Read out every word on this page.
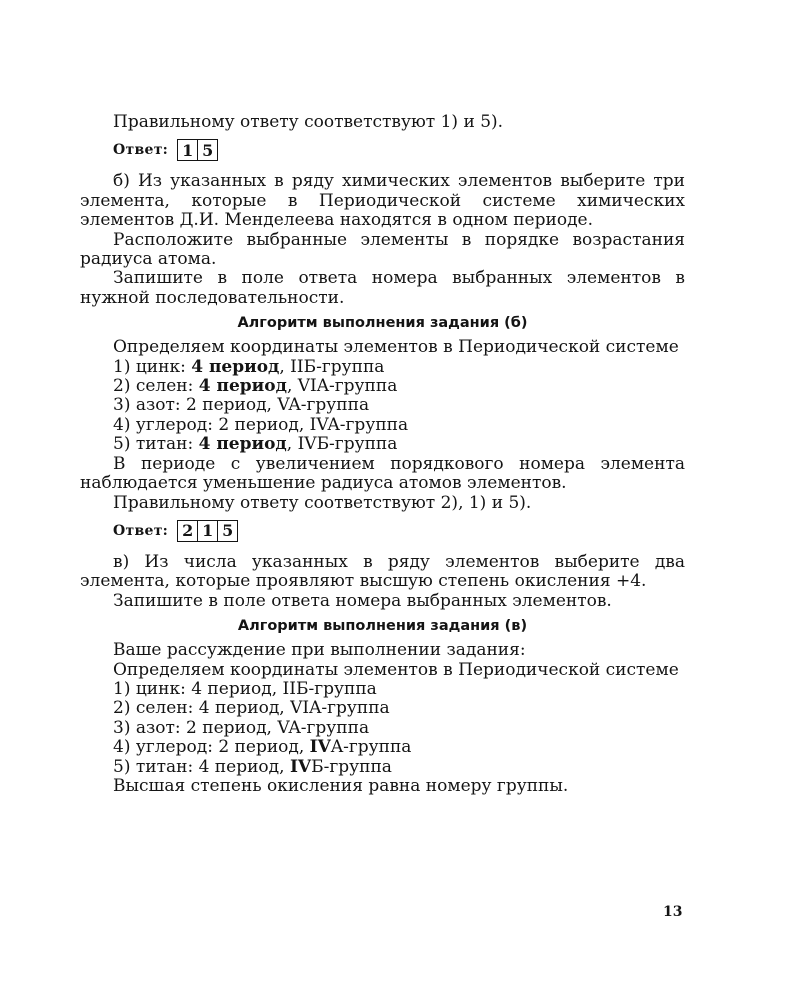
Правильному ответу соответствуют 1) и 5).

Ответ: 1 5

б) Из указанных в ряду химических элементов выберите три элемента, которые в Периодической системе химических элементов Д.И. Менделеева находятся в одном периоде.

Расположите выбранные элементы в порядке возрастания радиуса атома.

Запишите в поле ответа номера выбранных элементов в нужной последовательности.

Алгоритм выполнения задания (б)

Определяем координаты элементов в Периодической системе

1) цинк: 4 период, IIБ-группа

2) селен: 4 период, VIA-группа

3) азот: 2 период, VA-группа

4) углерод: 2 период, IVA-группа

5) титан: 4 период, IVБ-группа

В периоде с увеличением порядкового номера элемента наблюдается уменьшение радиуса атомов элементов.

Правильному ответу соответствуют 2), 1) и 5).

Ответ: 2 1 5

в) Из числа указанных в ряду элементов выберите два элемента, которые проявляют высшую степень окисления +4.

Запишите в поле ответа номера выбранных элементов.

Алгоритм выполнения задания (в)

Ваше рассуждение при выполнении задания:

Определяем координаты элементов в Периодической системе

1) цинк: 4 период, IIБ-группа

2) селен: 4 период, VIA-группа

3) азот: 2 период, VA-группа

4) углерод: 2 период, IVA-группа

5) титан: 4 период, IVБ-группа

Высшая степень окисления равна номеру группы.

13
